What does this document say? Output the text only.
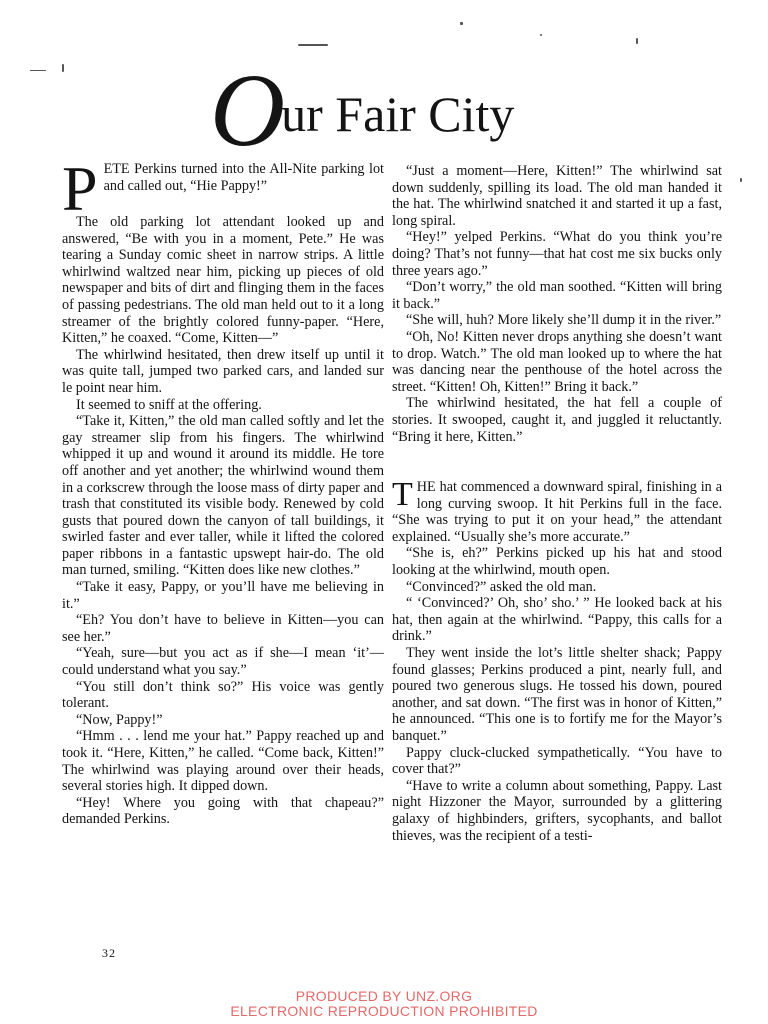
Our Fair City

PETE Perkins turned into the All-Nite parking lot and called out, “Hie Pappy!”

The old parking lot attendant looked up and answered, “Be with you in a moment, Pete.” He was tearing a Sunday comic sheet in narrow strips. A little whirlwind waltzed near him, picking up pieces of old newspaper and bits of dirt and flinging them in the faces of passing pedestrians. The old man held out to it a long streamer of the brightly colored funny-paper. “Here, Kitten,” he coaxed. “Come, Kitten—”

The whirlwind hesitated, then drew itself up until it was quite tall, jumped two parked cars, and landed sur le point near him.

It seemed to sniff at the offering.

“Take it, Kitten,” the old man called softly and let the gay streamer slip from his fingers. The whirlwind whipped it up and wound it around its middle. He tore off another and yet another; the whirlwind wound them in a corkscrew through the loose mass of dirty paper and trash that constituted its visible body. Renewed by cold gusts that poured down the canyon of tall buildings, it swirled faster and ever taller, while it lifted the colored paper ribbons in a fantastic upswept hair-do. The old man turned, smiling. “Kitten does like new clothes.”

“Take it easy, Pappy, or you’ll have me believing in it.”

“Eh? You don’t have to believe in Kitten—you can see her.”

“Yeah, sure—but you act as if she—I mean ‘it’—could understand what you say.”

“You still don’t think so?” His voice was gently tolerant.

“Now, Pappy!”

“Hmm . . . lend me your hat.” Pappy reached up and took it. “Here, Kitten,” he called. “Come back, Kitten!” The whirlwind was playing around over their heads, several stories high. It dipped down.

“Hey! Where you going with that chapeau?” demanded Perkins.

“Just a moment—Here, Kitten!” The whirlwind sat down suddenly, spilling its load. The old man handed it the hat. The whirlwind snatched it and started it up a fast, long spiral.

“Hey!” yelped Perkins. “What do you think you’re doing? That’s not funny—that hat cost me six bucks only three years ago.”

“Don’t worry,” the old man soothed. “Kitten will bring it back.”

“She will, huh? More likely she’ll dump it in the river.”

“Oh, No! Kitten never drops anything she doesn’t want to drop. Watch.” The old man looked up to where the hat was dancing near the penthouse of the hotel across the street. “Kitten! Oh, Kitten!” Bring it back.”

The whirlwind hesitated, the hat fell a couple of stories. It swooped, caught it, and juggled it reluctantly. “Bring it here, Kitten.”

THE hat commenced a downward spiral, finishing in a long curving swoop. It hit Perkins full in the face. “She was trying to put it on your head,” the attendant explained. “Usually she’s more accurate.”

“She is, eh?” Perkins picked up his hat and stood looking at the whirlwind, mouth open.

“Convinced?” asked the old man.

“ ‘Convinced?’ Oh, sho’ sho.’ ” He looked back at his hat, then again at the whirlwind. “Pappy, this calls for a drink.”

They went inside the lot’s little shelter shack; Pappy found glasses; Perkins produced a pint, nearly full, and poured two generous slugs. He tossed his down, poured another, and sat down. “The first was in honor of Kitten,” he announced. “This one is to fortify me for the Mayor’s banquet.”

Pappy cluck-clucked sympathetically. “You have to cover that?”

“Have to write a column about something, Pappy. Last night Hizzoner the Mayor, surrounded by a glittering galaxy of highbinders, grifters, sycophants, and ballot thieves, was the recipient of a testi-

32
PRODUCED BY UNZ.ORG
ELECTRONIC REPRODUCTION PROHIBITED
